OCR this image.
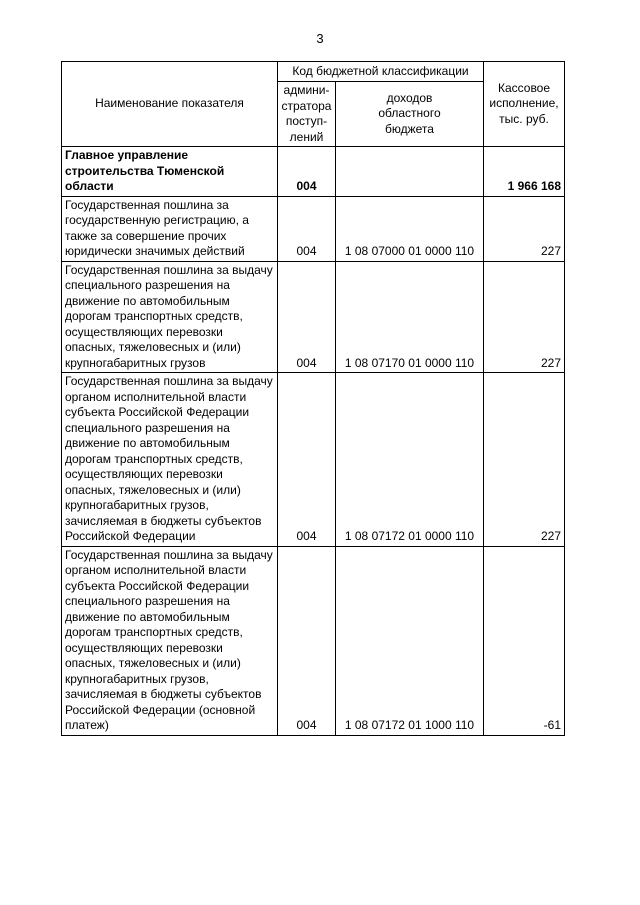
3
Наименование показателя	Код бюджетной классификации		Кассовое
исполнение,
тыс. руб.
	админи-
стратора
поступ-
лений	доходов
областного
бюджета	
Главное управление строительства Тюменской области	004		1 966 168
Государственная пошлина за государственную регистрацию, а также за совершение прочих юридически значимых действий	004	1 08 07000 01 0000 110	227
Государственная пошлина за выдачу специального разрешения на движение по автомобильным дорогам транспортных средств, осуществляющих перевозки опасных, тяжеловесных и (или) крупногабаритных грузов	004	1 08 07170 01 0000 110	227
Государственная пошлина за выдачу органом исполнительной власти субъекта Российской Федерации специального разрешения на движение по автомобильным дорогам транспортных средств, осуществляющих перевозки опасных, тяжеловесных и (или) крупногабаритных грузов, зачисляемая в бюджеты субъектов Российской Федерации	004	1 08 07172 01 0000 110	227
Государственная пошлина за выдачу органом исполнительной власти субъекта Российской Федерации специального разрешения на движение по автомобильным дорогам транспортных средств, осуществляющих перевозки опасных, тяжеловесных и (или) крупногабаритных грузов, зачисляемая в бюджеты субъектов Российской Федерации (основной платеж)	004	1 08 07172 01 1000 110	-61
